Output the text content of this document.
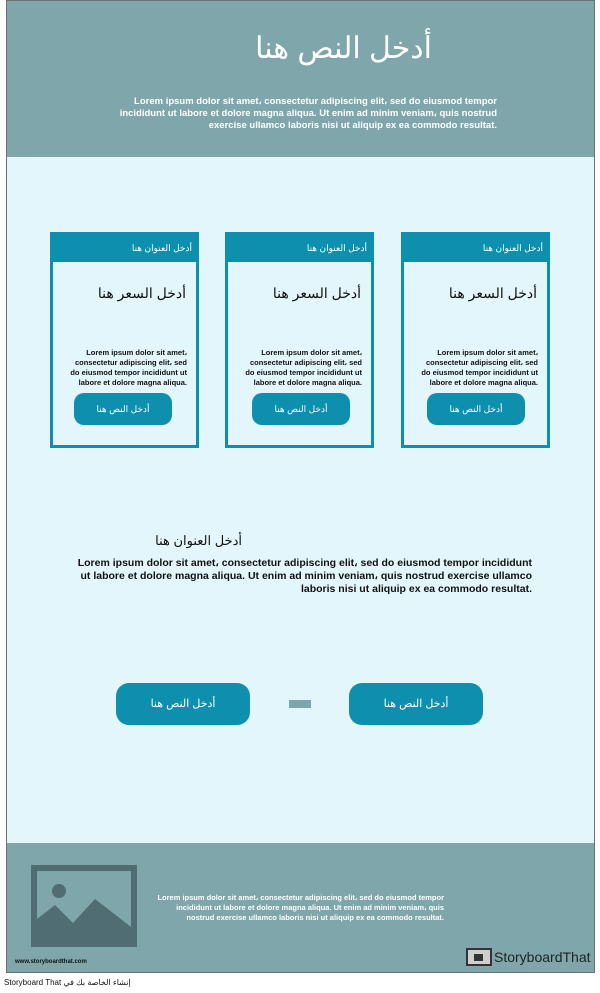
أدخل النص هنا
Lorem ipsum dolor sit amet، consectetur adipiscing elit، sed do eiusmod tempor incididunt ut labore et dolore magna aliqua. Ut enim ad minim veniam، quis nostrud exercise ullamco laboris nisi ut aliquip ex ea commodo resultat.
أدخل العنوان هنا
أدخل السعر هنا
Lorem ipsum dolor sit amet، consectetur adipiscing elit، sed do eiusmod tempor incididunt ut labore et dolore magna aliqua.
أدخل النص هنا
أدخل العنوان هنا
أدخل السعر هنا
Lorem ipsum dolor sit amet، consectetur adipiscing elit، sed do eiusmod tempor incididunt ut labore et dolore magna aliqua.
أدخل النص هنا
أدخل العنوان هنا
أدخل السعر هنا
Lorem ipsum dolor sit amet، consectetur adipiscing elit، sed do eiusmod tempor incididunt ut labore et dolore magna aliqua.
أدخل النص هنا
أدخل العنوان هنا
Lorem ipsum dolor sit amet، consectetur adipiscing elit، sed do eiusmod tempor incididunt ut labore et dolore magna aliqua. Ut enim ad minim veniam، quis nostrud exercise ullamco laboris nisi ut aliquip ex ea commodo resultat.
أدخل النص هنا	أدخل النص هنا
Lorem ipsum dolor sit amet، consectetur adipiscing elit، sed do eiusmod tempor incididunt ut labore et dolore magna aliqua. Ut enim ad minim veniam، quis nostrud exercise ullamco laboris nisi ut aliquip ex ea commodo resultat.
www.storyboardthat.com	StoryboardThat
Storyboard That إنشاء الخاصة بك في
